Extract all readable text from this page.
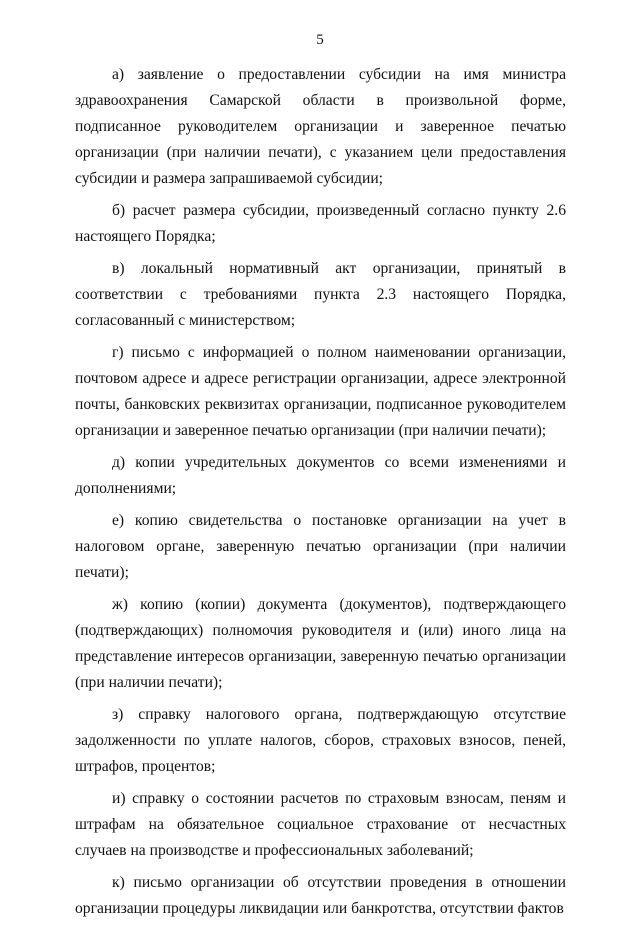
5

а) заявление о предоставлении субсидии на имя министра здравоохранения Самарской области в произвольной форме, подписанное руководителем организации и заверенное печатью организации (при наличии печати), с указанием цели предоставления субсидии и размера запрашиваемой субсидии;

б) расчет размера субсидии, произведенный согласно пункту 2.6 настоящего Порядка;

в) локальный нормативный акт организации, принятый в соответствии с требованиями пункта 2.3 настоящего Порядка, согласованный с министерством;

г) письмо с информацией о полном наименовании организации, почтовом адресе и адресе регистрации организации, адресе электронной почты, банковских реквизитах организации, подписанное руководителем организации и заверенное печатью организации (при наличии печати);

д) копии учредительных документов со всеми изменениями и дополнениями;

е) копию свидетельства о постановке организации на учет в налоговом органе, заверенную печатью организации (при наличии печати);

ж) копию (копии) документа (документов), подтверждающего (подтверждающих) полномочия руководителя и (или) иного лица на представление интересов организации, заверенную печатью организации (при наличии печати);

з) справку налогового органа, подтверждающую отсутствие задолженности по уплате налогов, сборов, страховых взносов, пеней, штрафов, процентов;

и) справку о состоянии расчетов по страховым взносам, пеням и штрафам на обязательное социальное страхование от несчастных случаев на производстве и профессиональных заболеваний;

к) письмо организации об отсутствии проведения в отношении организации процедуры ликвидации или банкротства, отсутствии фактов
